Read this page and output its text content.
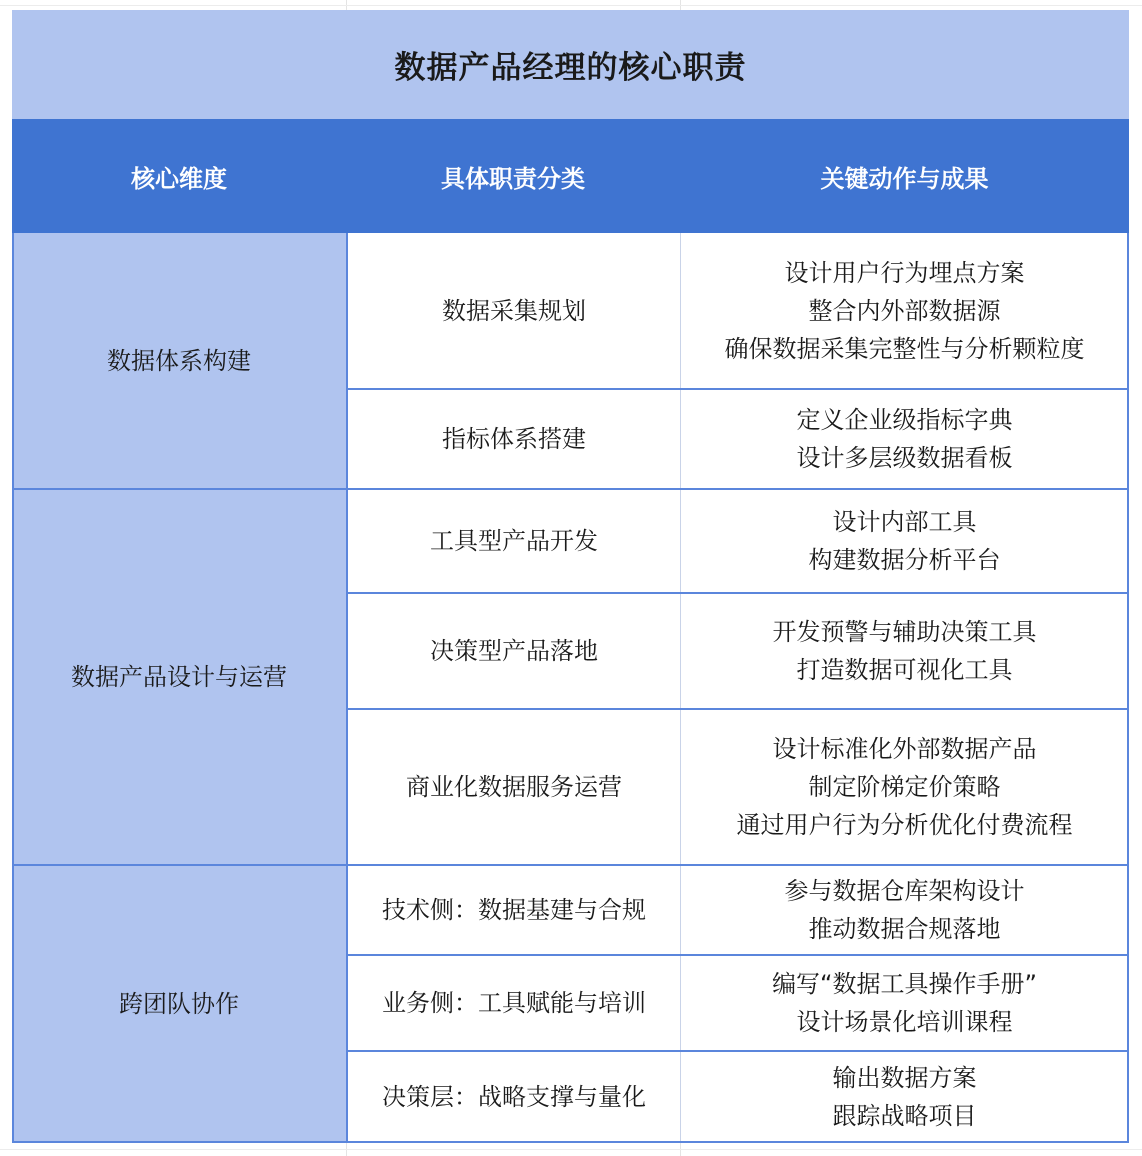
数据产品经理的核心职责
核心维度	具体职责分类	关键动作与成果
数据体系构建
数据采集规划
设计用户行为埋点方案
整合内外部数据源
确保数据采集完整性与分析颗粒度
指标体系搭建
定义企业级指标字典
设计多层级数据看板
数据产品设计与运营
工具型产品开发
设计内部工具
构建数据分析平台
决策型产品落地
开发预警与辅助决策工具
打造数据可视化工具
商业化数据服务运营
设计标准化外部数据产品
制定阶梯定价策略
通过用户行为分析优化付费流程
跨团队协作
技术侧：数据基建与合规
参与数据仓库架构设计
推动数据合规落地
业务侧：工具赋能与培训
编写“数据工具操作手册”
设计场景化培训课程
决策层：战略支撑与量化
输出数据方案
跟踪战略项目
